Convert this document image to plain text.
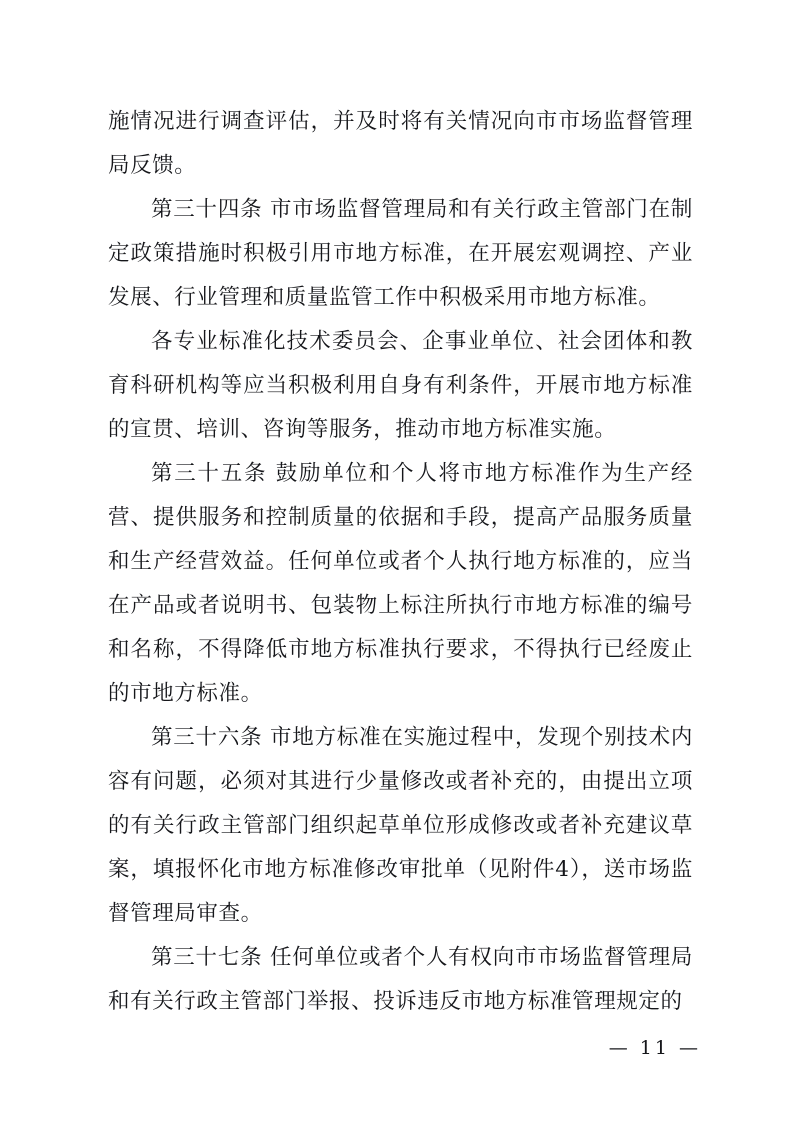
施情况进行调查评估，并及时将有关情况向市市场监督管理局反馈。

第三十四条 市市场监督管理局和有关行政主管部门在制定政策措施时积极引用市地方标准，在开展宏观调控、产业发展、行业管理和质量监管工作中积极采用市地方标准。

各专业标准化技术委员会、企事业单位、社会团体和教育科研机构等应当积极利用自身有利条件，开展市地方标准的宣贯、培训、咨询等服务，推动市地方标准实施。

第三十五条 鼓励单位和个人将市地方标准作为生产经营、提供服务和控制质量的依据和手段，提高产品服务质量和生产经营效益。任何单位或者个人执行地方标准的，应当在产品或者说明书、包装物上标注所执行市地方标准的编号和名称，不得降低市地方标准执行要求，不得执行已经废止的市地方标准。

第三十六条 市地方标准在实施过程中，发现个别技术内容有问题，必须对其进行少量修改或者补充的，由提出立项的有关行政主管部门组织起草单位形成修改或者补充建议草案，填报怀化市地方标准修改审批单（见附件4），送市场监督管理局审查。

第三十七条 任何单位或者个人有权向市市场监督管理局和有关行政主管部门举报、投诉违反市地方标准管理规定的

— 11 —
